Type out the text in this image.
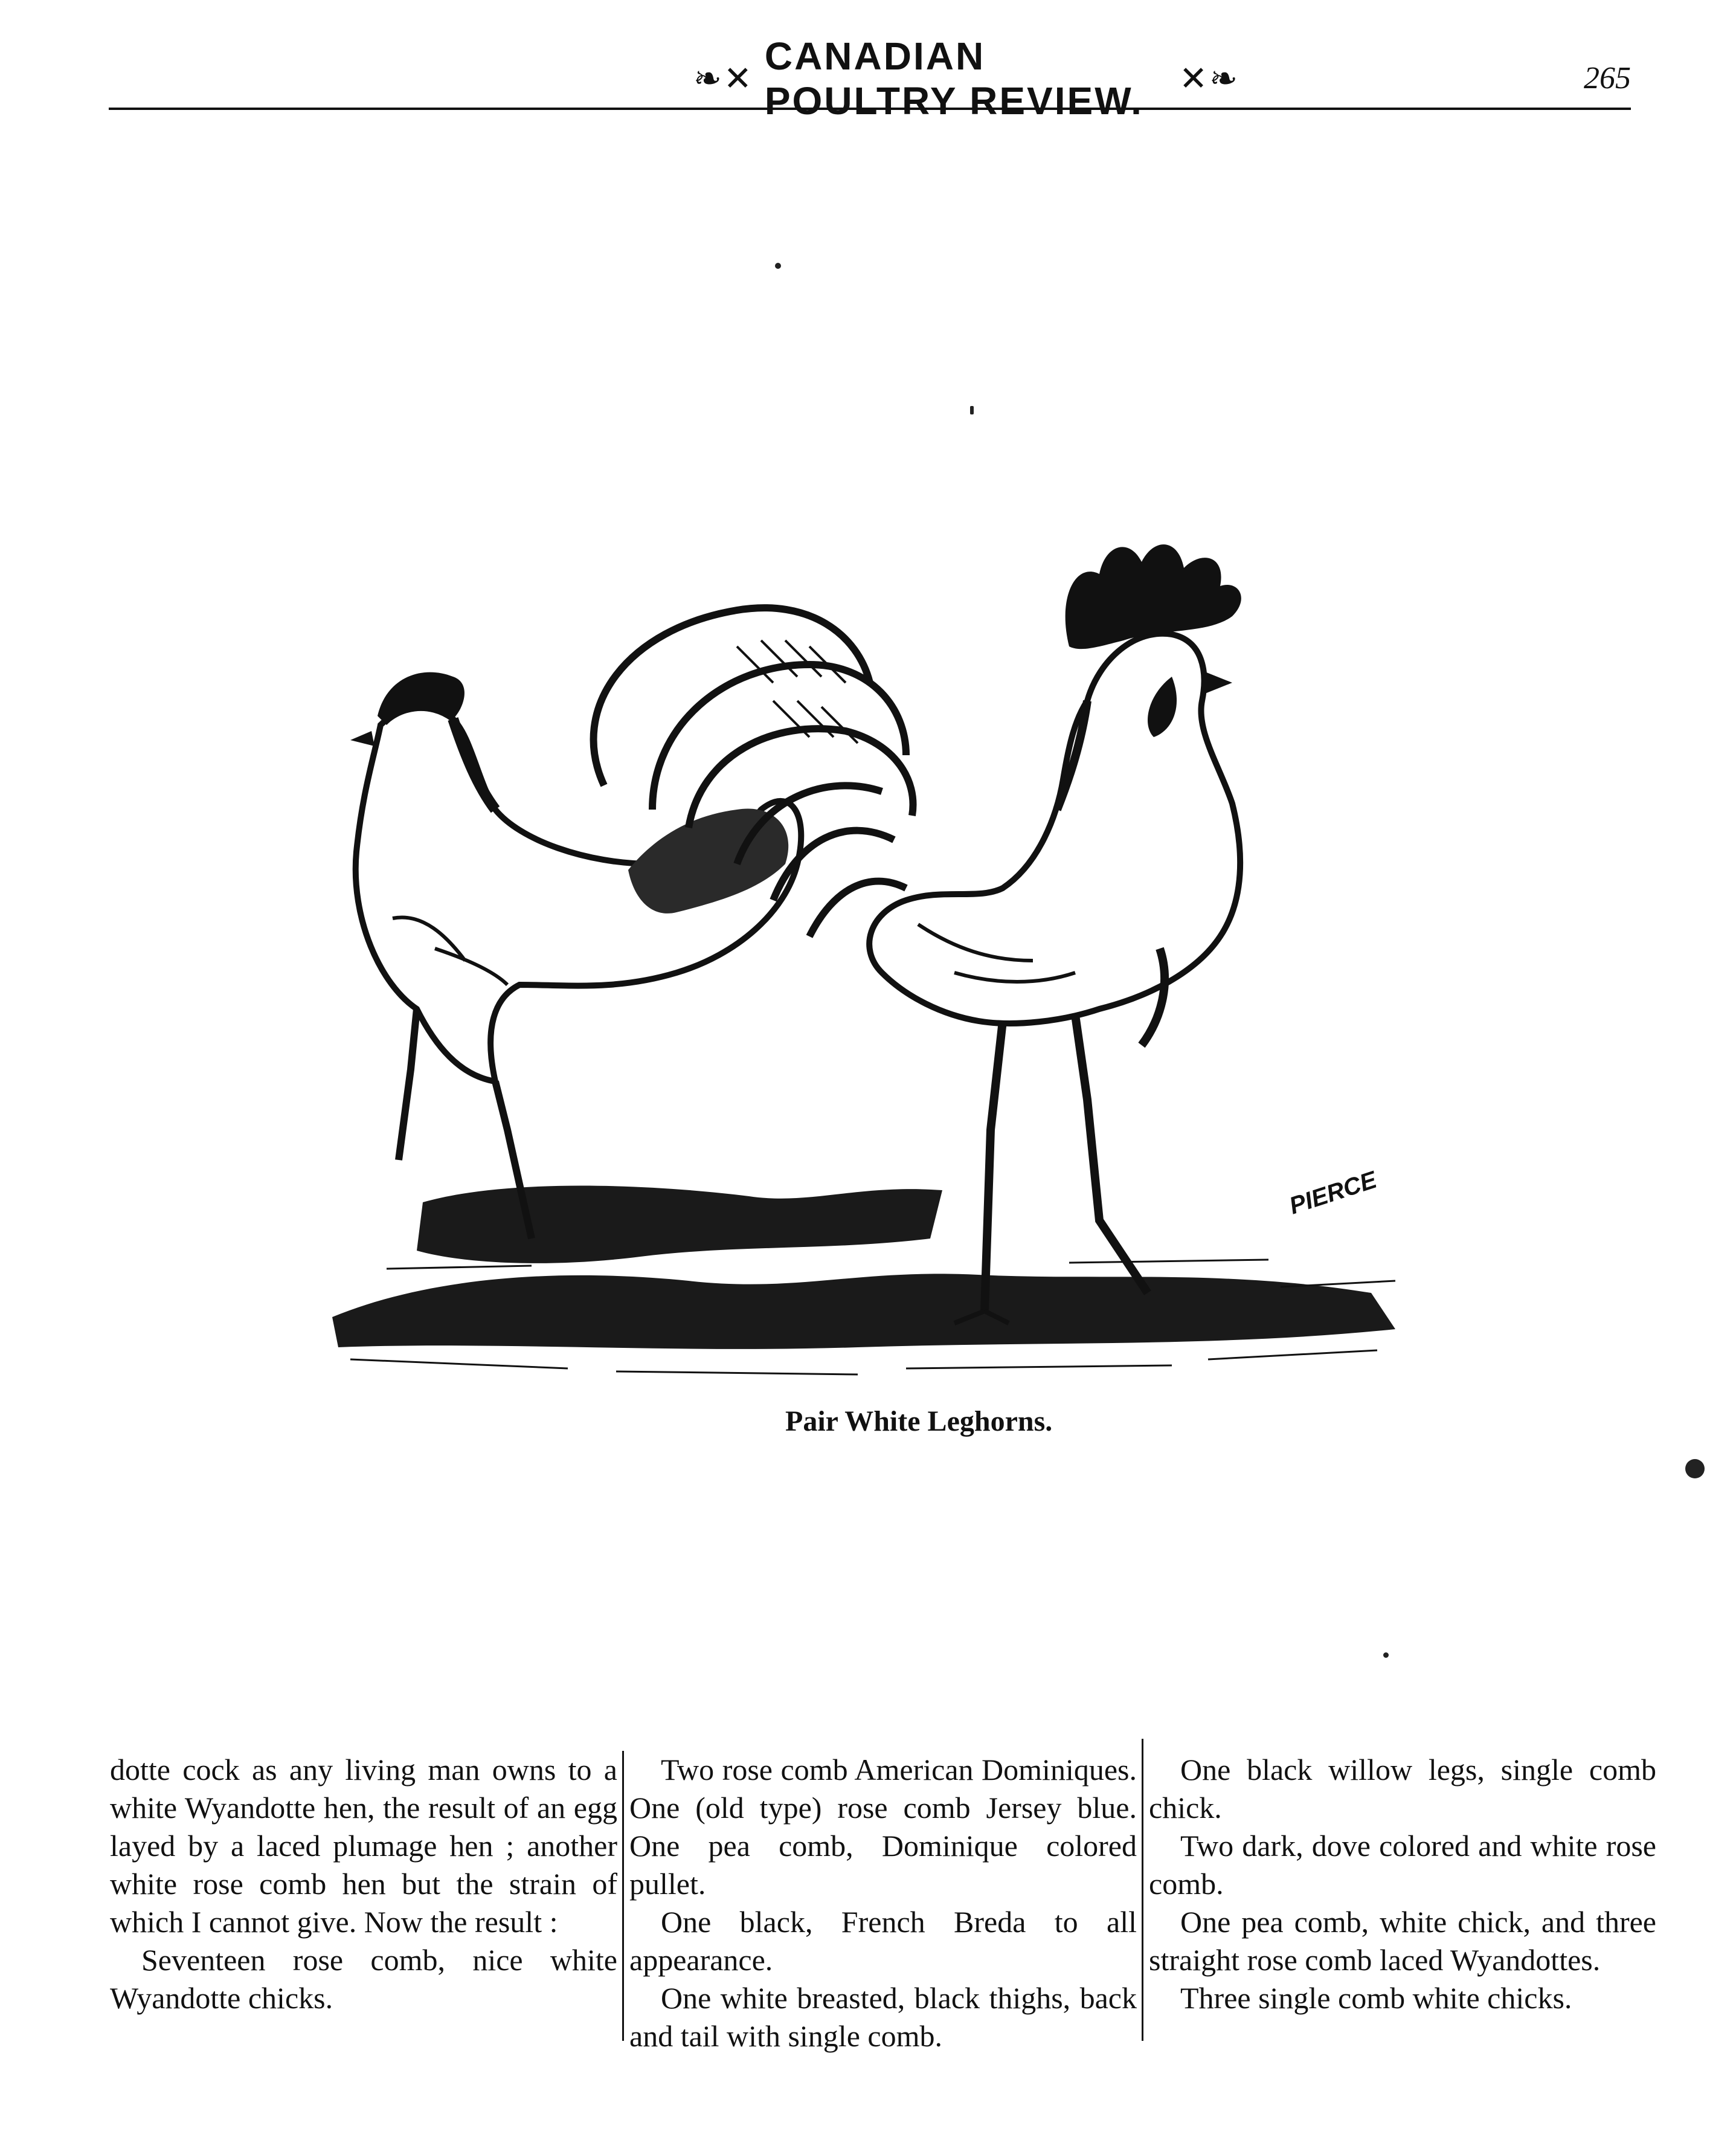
❧✕
CANADIAN POULTRY REVIEW.
✕❧	265
PIERCE
Pair White Leghorns.

dotte cock as any living man owns to a white Wyandotte hen, the result of an egg layed by a laced plumage hen ; another white rose comb hen but the strain of which I cannot give. Now the result :

Seventeen rose comb, nice white Wyandotte chicks.

Two rose comb American Dominiques. One (old type) rose comb Jersey blue. One pea comb, Dominique colored pullet.

One black, French Breda to all appearance.

One white breasted, black thighs, back and tail with single comb.

One black willow legs, single comb chick.

Two dark, dove colored and white rose comb.

One pea comb, white chick, and three straight rose comb laced Wyandottes.

Three single comb white chicks.
